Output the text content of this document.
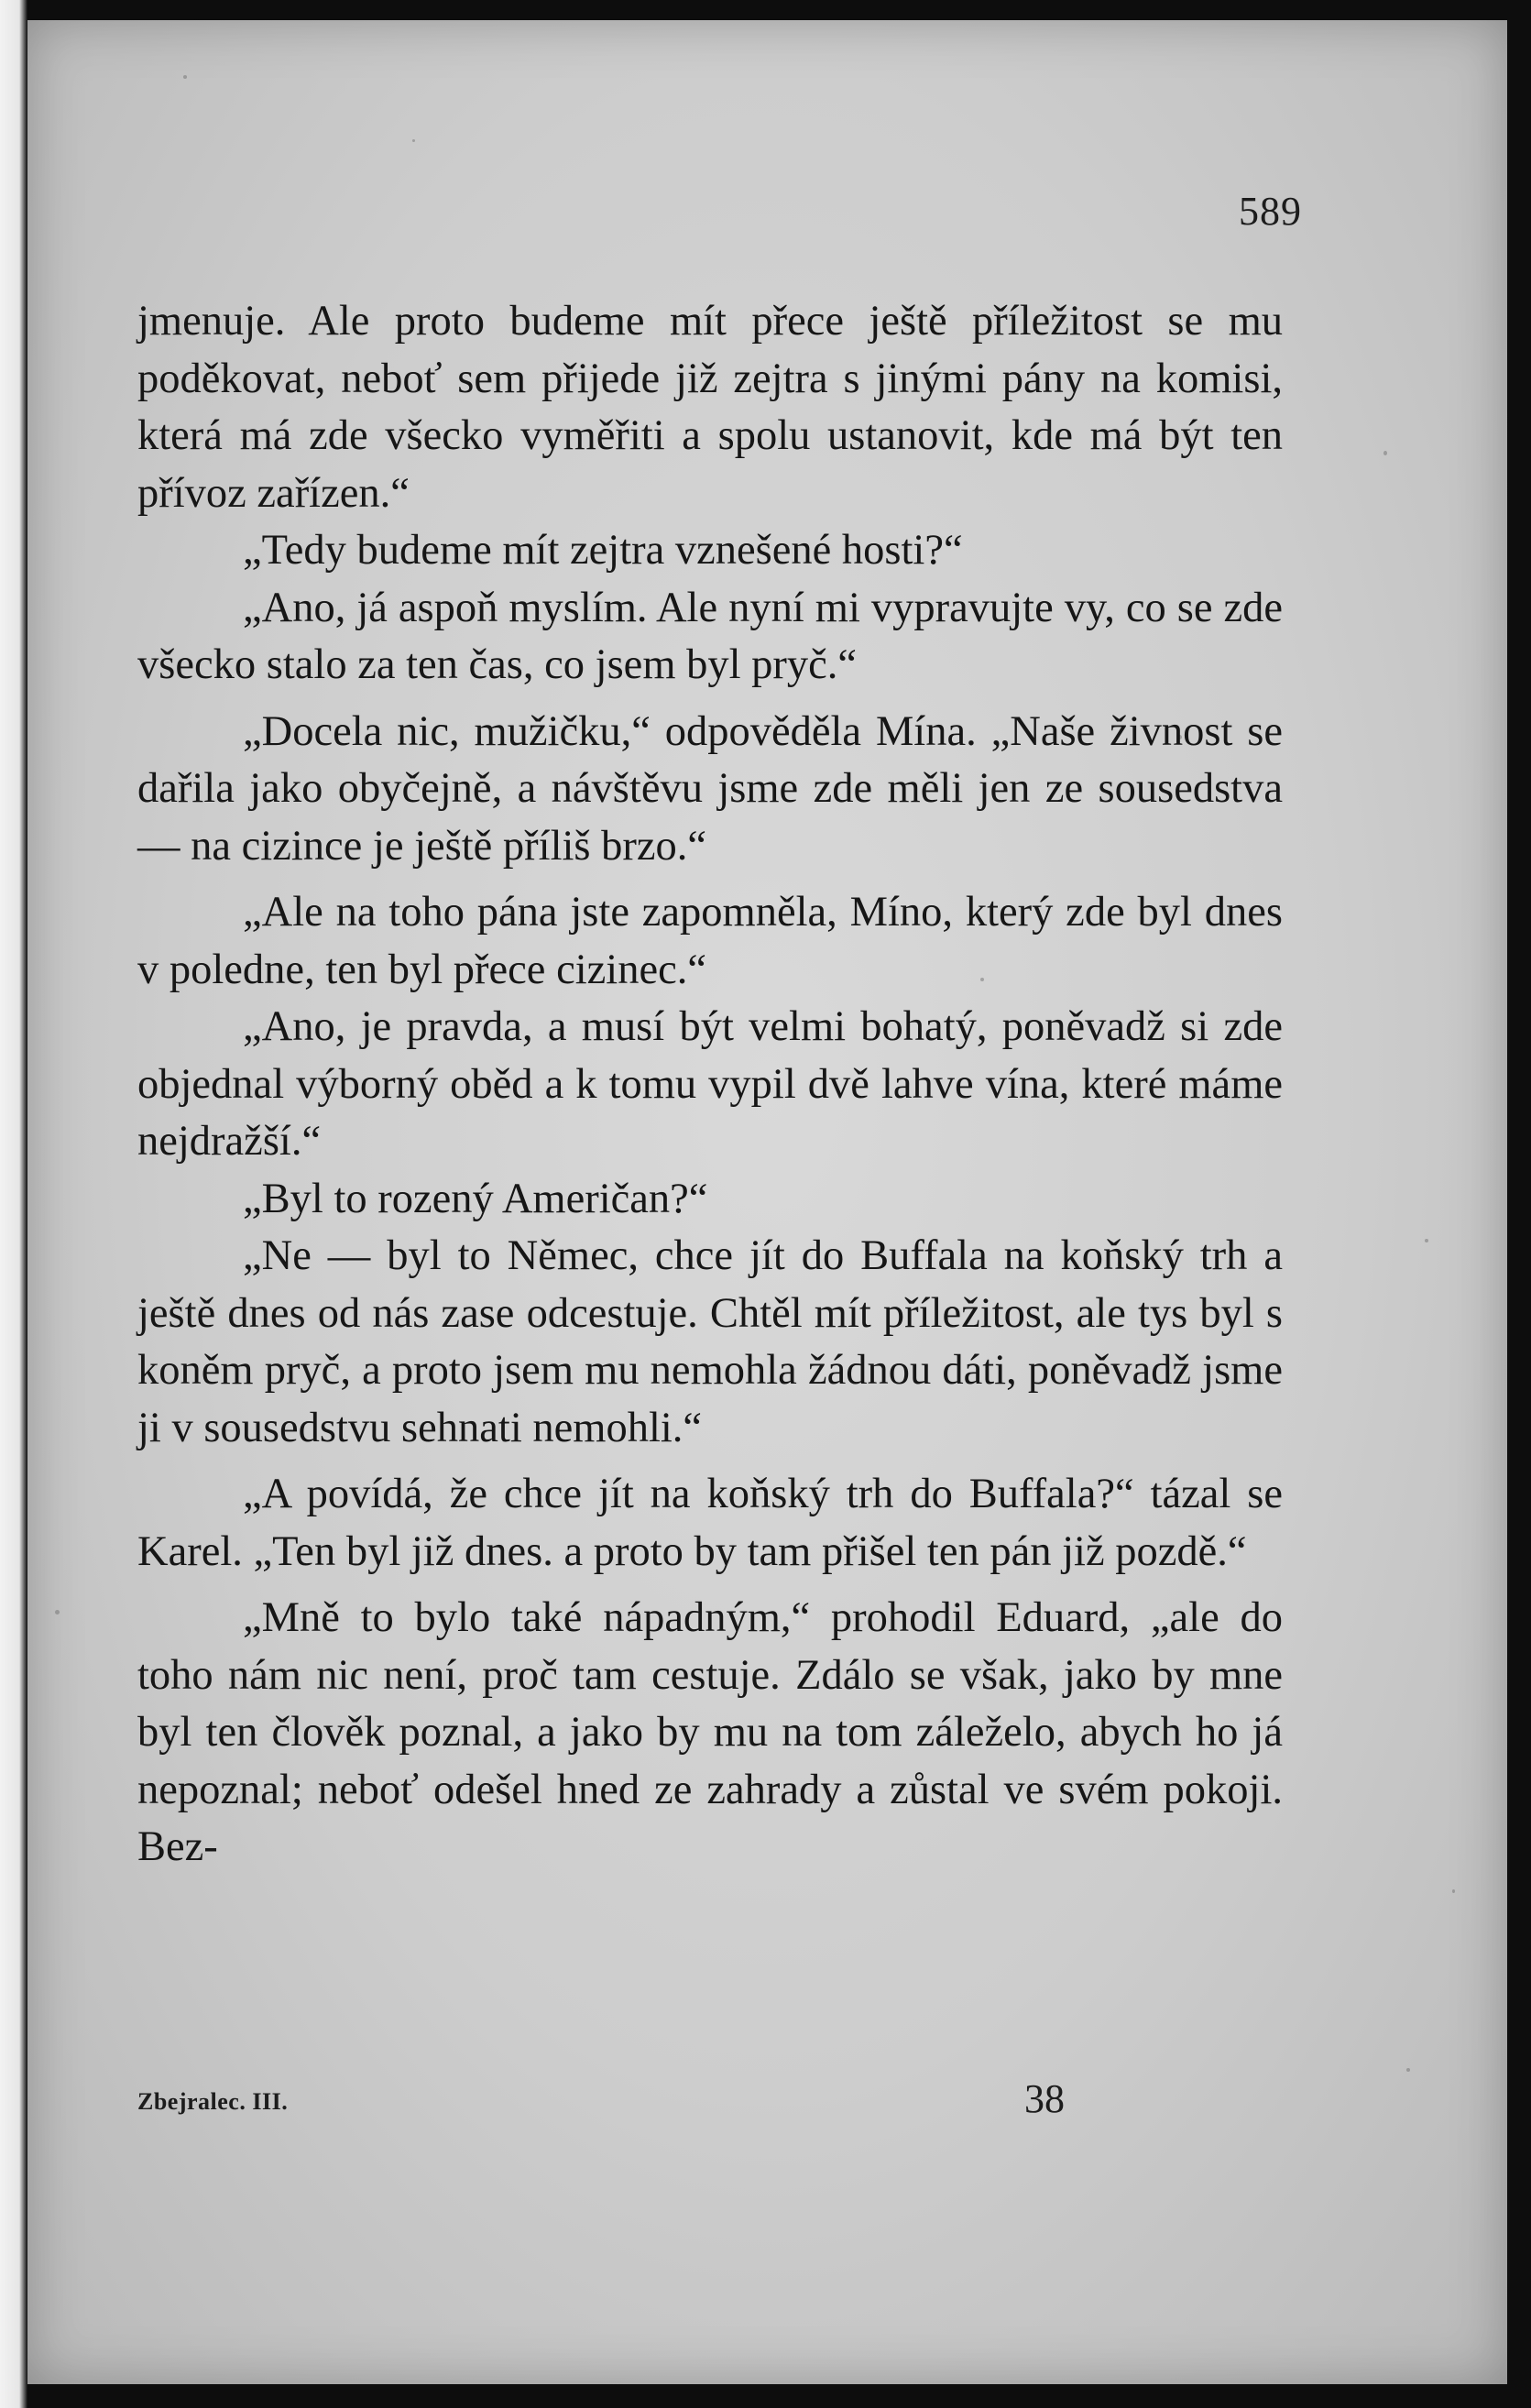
589

jmenuje. Ale proto budeme mít přece ještě příležitost se mu poděkovat, neboť sem přijede již zejtra s jinými pány na komisi, která má zde všecko vyměřiti a spolu ustanovit, kde má být ten přívoz zařízen.“

„Tedy budeme mít zejtra vznešené hosti?“

„Ano, já aspoň myslím. Ale nyní mi vypravujte vy, co se zde všecko stalo za ten čas, co jsem byl pryč.“

„Docela nic, mužičku,“ odpověděla Mína. „Naše živnost se dařila jako obyčejně, a návštěvu jsme zde měli jen ze sousedstva — na cizince je ještě příliš brzo.“

„Ale na toho pána jste zapomněla, Míno, který zde byl dnes v poledne, ten byl přece cizinec.“

„Ano, je pravda, a musí být velmi bohatý, poněvadž si zde objednal výborný oběd a k tomu vypil dvě lahve vína, které máme nejdražší.“

„Byl to rozený Američan?“

„Ne — byl to Němec, chce jít do Buffala na koňský trh a ještě dnes od nás zase odcestuje. Chtěl mít příležitost, ale tys byl s koněm pryč, a proto jsem mu nemohla žádnou dáti, poněvadž jsme ji v sousedstvu sehnati nemohli.“

„A povídá, že chce jít na koňský trh do Buffala?“ tázal se Karel. „Ten byl již dnes. a proto by tam přišel ten pán již pozdě.“

„Mně to bylo také nápadným,“ prohodil Eduard, „ale do toho nám nic není, proč tam cestuje. Zdálo se však, jako by mne byl ten člověk poznal, a jako by mu na tom záleželo, abych ho já nepoznal; neboť odešel hned ze zahrady a zůstal ve svém pokoji. Bez-

Zbejralec. III.	38
